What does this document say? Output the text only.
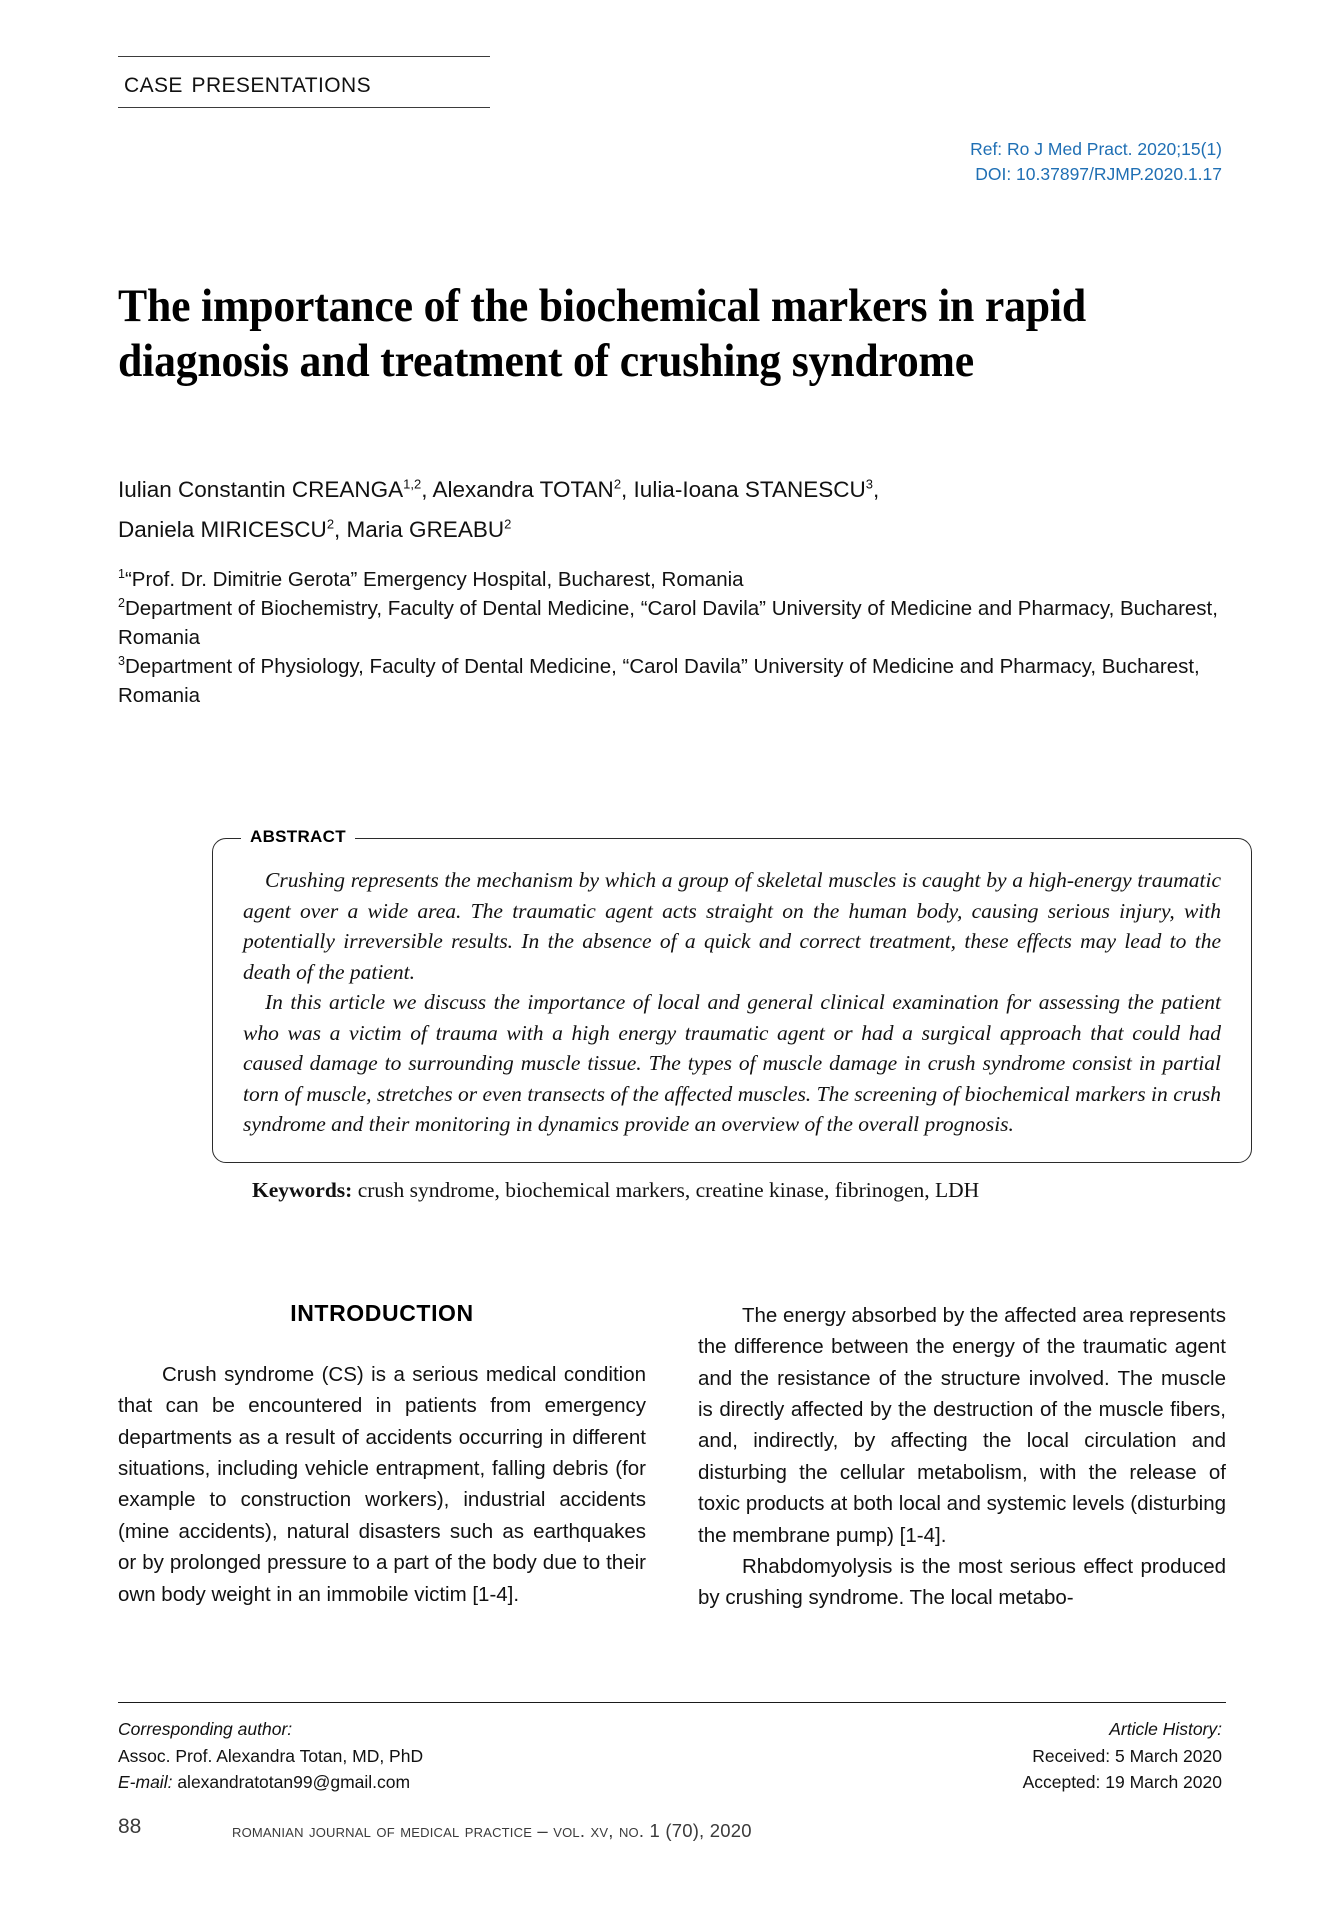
case presentations
Ref: Ro J Med Pract. 2020;15(1)
DOI: 10.37897/RJMP.2020.1.17
The importance of the biochemical markers in rapid diagnosis and treatment of crushing syndrome
Iulian Constantin CREANGA$^{1,2}$, Alexandra TOTAN$^2$, Iulia-Ioana STANESCU$^3$,
Daniela MIRICESCU$^2$, Maria GREABU$^2$
$^1$“Prof. Dr. Dimitrie Gerota” Emergency Hospital, Bucharest, Romania
$^2$Department of Biochemistry, Faculty of Dental Medicine, “Carol Davila” University of Medicine and Pharmacy, Bucharest, Romania
$^3$Department of Physiology, Faculty of Dental Medicine, “Carol Davila” University of Medicine and Pharmacy, Bucharest, Romania
abstract

Crushing represents the mechanism by which a group of skeletal muscles is caught by a high-energy traumatic agent over a wide area. The traumatic agent acts straight on the human body, causing serious injury, with potentially irreversible results. In the absence of a quick and correct treatment, these effects may lead to the death of the patient.

In this article we discuss the importance of local and general clinical examination for assessing the patient who was a victim of trauma with a high energy traumatic agent or had a surgical approach that could had caused damage to surrounding muscle tissue. The types of muscle damage in crush syndrome consist in partial torn of muscle, stretches or even transects of the affected muscles. The screening of biochemical markers in crush syndrome and their monitoring in dynamics provide an overview of the overall prognosis.

Keywords: crush syndrome, biochemical markers, creatine kinase, fibrinogen, LDH
INTRODUCTION

Crush syndrome (CS) is a serious medical condition that can be encountered in patients from emergency departments as a result of accidents occurring in different situations, including vehicle entrapment, falling debris (for example to construction workers), industrial accidents (mine accidents), natural disasters such as earthquakes or by prolonged pressure to a part of the body due to their own body weight in an immobile victim [1-4].

The energy absorbed by the affected area represents the difference between the energy of the traumatic agent and the resistance of the structure involved. The muscle is directly affected by the destruction of the muscle fibers, and, indirectly, by affecting the local circulation and disturbing the cellular metabolism, with the release of toxic products at both local and systemic levels (disturbing the membrane pump) [1-4].

Rhabdomyolysis is the most serious effect produced by crushing syndrome. The local metabo-

Corresponding author:
Assoc. Prof. Alexandra Totan, MD, PhD
E-mail: alexandratotan99@gmail.com
Article History:
Received: 5 March 2020
Accepted: 19 March 2020
88	romanian journal of medical practice – vol. xv, no. 1 (70), 2020
